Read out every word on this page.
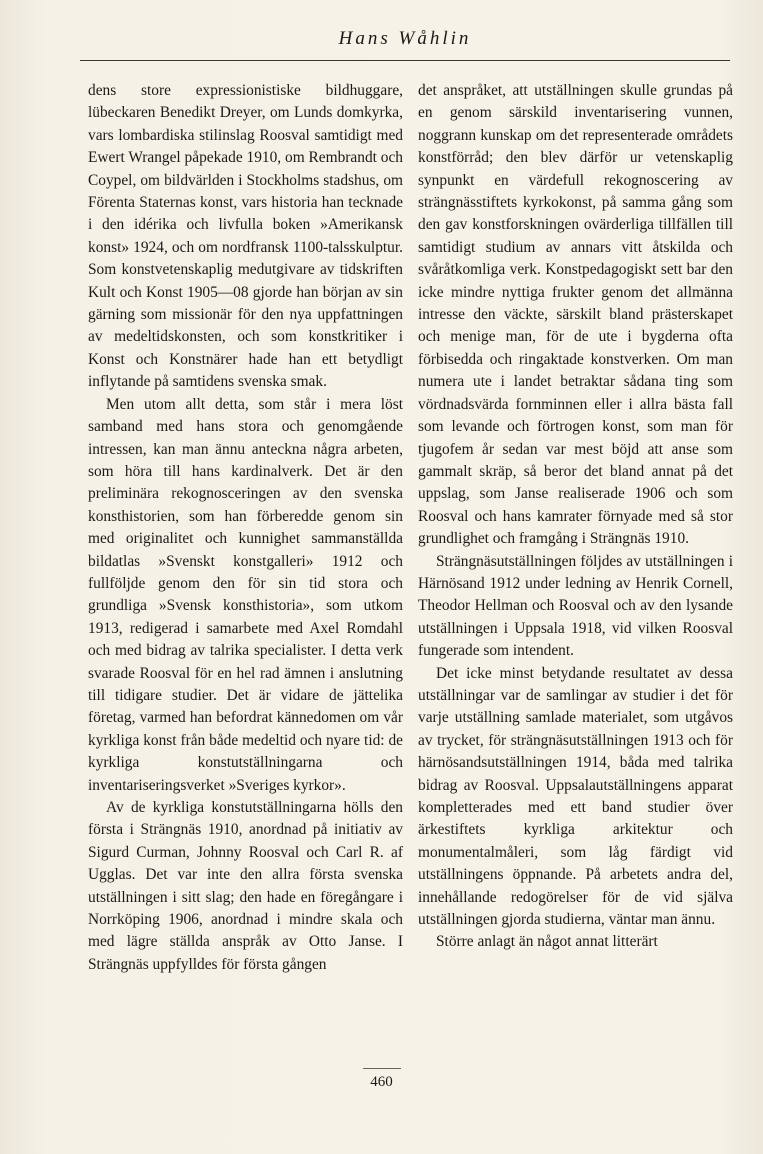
Hans Wåhlin

dens store expressionistiske bildhuggare, lübeckaren Benedikt Dreyer, om Lunds domkyrka, vars lombardiska stilinslag Roosval samtidigt med Ewert Wrangel påpekade 1910, om Rembrandt och Coypel, om bildvärlden i Stockholms stadshus, om Förenta Staternas konst, vars historia han tecknade i den idérika och livfulla boken »Amerikansk konst» 1924, och om nordfransk 1100-talsskulptur. Som konstvetenskaplig medutgivare av tidskriften Kult och Konst 1905—08 gjorde han början av sin gärning som missionär för den nya uppfattningen av medeltidskonsten, och som konstkritiker i Konst och Konstnärer hade han ett betydligt inflytande på samtidens svenska smak.

Men utom allt detta, som står i mera löst samband med hans stora och genomgående intressen, kan man ännu anteckna några arbeten, som höra till hans kardinalverk. Det är den preliminära rekognosceringen av den svenska konsthistorien, som han förberedde genom sin med originalitet och kunnighet sammanställda bildatlas »Svenskt konstgalleri» 1912 och fullföljde genom den för sin tid stora och grundliga »Svensk konsthistoria», som utkom 1913, redigerad i samarbete med Axel Romdahl och med bidrag av talrika specialister. I detta verk svarade Roosval för en hel rad ämnen i anslutning till tidigare studier. Det är vidare de jättelika företag, varmed han befordrat kännedomen om vår kyrkliga konst från både medeltid och nyare tid: de kyrkliga konstutställningarna och inventariseringsverket »Sveriges kyrkor».

Av de kyrkliga konstutställningarna hölls den första i Strängnäs 1910, anordnad på initiativ av Sigurd Curman, Johnny Roosval och Carl R. af Ugglas. Det var inte den allra första svenska utställningen i sitt slag; den hade en föregångare i Norrköping 1906, anordnad i mindre skala och med lägre ställda anspråk av Otto Janse. I Strängnäs uppfylldes för första gången

det anspråket, att utställningen skulle grundas på en genom särskild inventarisering vunnen, noggrann kunskap om det representerade områdets konstförråd; den blev därför ur vetenskaplig synpunkt en värdefull rekognoscering av strängnässtiftets kyrkokonst, på samma gång som den gav konstforskningen ovärderliga tillfällen till samtidigt studium av annars vitt åtskilda och svåråtkomliga verk. Konstpedagogiskt sett bar den icke mindre nyttiga frukter genom det allmänna intresse den väckte, särskilt bland prästerskapet och menige man, för de ute i bygderna ofta förbisedda och ringaktade konstverken. Om man numera ute i landet betraktar sådana ting som vördnadsvärda fornminnen eller i allra bästa fall som levande och förtrogen konst, som man för tjugofem år sedan var mest böjd att anse som gammalt skräp, så beror det bland annat på det uppslag, som Janse realiserade 1906 och som Roosval och hans kamrater förnyade med så stor grundlighet och framgång i Strängnäs 1910.

Strängnäsutställningen följdes av utställningen i Härnösand 1912 under ledning av Henrik Cornell, Theodor Hellman och Roosval och av den lysande utställningen i Uppsala 1918, vid vilken Roosval fungerade som intendent.

Det icke minst betydande resultatet av dessa utställningar var de samlingar av studier i det för varje utställning samlade materialet, som utgåvos av trycket, för strängnäsutställningen 1913 och för härnösandsutställningen 1914, båda med talrika bidrag av Roosval. Uppsalautställningens apparat kompletterades med ett band studier över ärkestiftets kyrkliga arkitektur och monumentalmåleri, som låg färdigt vid utställningens öppnande. På arbetets andra del, innehållande redogörelser för de vid själva utställningen gjorda studierna, väntar man ännu.

Större anlagt än något annat litterärt

460
